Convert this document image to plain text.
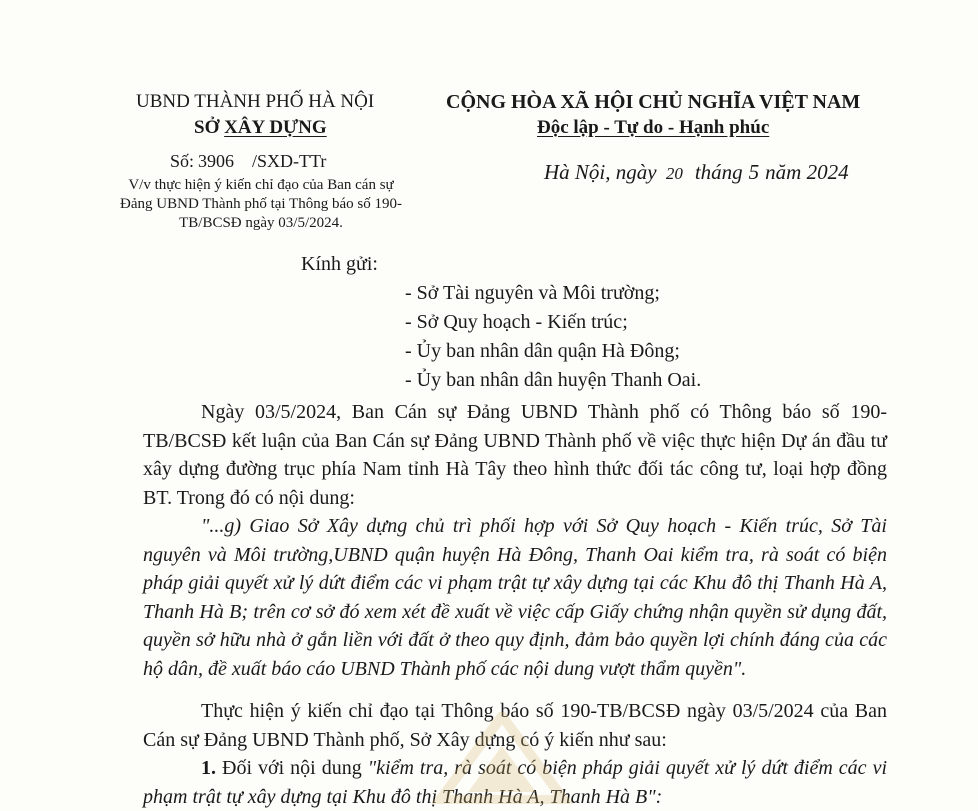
UBND THÀNH PHỐ HÀ NỘI
SỞ XÂY DỰNG
CỘNG HÒA XÃ HỘI CHỦ NGHĨA VIỆT NAM
Độc lập - Tự do - Hạnh phúc
Số: 3906 /SXD-TTr
V/v thực hiện ý kiến chỉ đạo của Ban cán sự Đảng UBND Thành phố tại Thông báo số 190-TB/BCSĐ ngày 03/5/2024.
Hà Nội, ngày 20 tháng 5 năm 2024
Kính gửi:
- Sở Tài nguyên và Môi trường;
- Sở Quy hoạch - Kiến trúc;
- Ủy ban nhân dân quận Hà Đông;
- Ủy ban nhân dân huyện Thanh Oai.
Ngày 03/5/2024, Ban Cán sự Đảng UBND Thành phố có Thông báo số 190-TB/BCSĐ kết luận của Ban Cán sự Đảng UBND Thành phố về việc thực hiện Dự án đầu tư xây dựng đường trục phía Nam tỉnh Hà Tây theo hình thức đối tác công tư, loại hợp đồng BT. Trong đó có nội dung:
"...g) Giao Sở Xây dựng chủ trì phối hợp với Sở Quy hoạch - Kiến trúc, Sở Tài nguyên và Môi trường,UBND quận huyện Hà Đông, Thanh Oai kiểm tra, rà soát có biện pháp giải quyết xử lý dứt điểm các vi phạm trật tự xây dựng tại các Khu đô thị Thanh Hà A, Thanh Hà B; trên cơ sở đó xem xét đề xuất về việc cấp Giấy chứng nhận quyền sử dụng đất, quyền sở hữu nhà ở gắn liền với đất ở theo quy định, đảm bảo quyền lợi chính đáng của các hộ dân, đề xuất báo cáo UBND Thành phố các nội dung vượt thẩm quyền".
Thực hiện ý kiến chỉ đạo tại Thông báo số 190-TB/BCSĐ ngày 03/5/2024 của Ban Cán sự Đảng UBND Thành phố, Sở Xây dựng có ý kiến như sau:
1. Đối với nội dung "kiểm tra, rà soát có biện pháp giải quyết xử lý dứt điểm các vi phạm trật tự xây dựng tại Khu đô thị Thanh Hà A, Thanh Hà B":
